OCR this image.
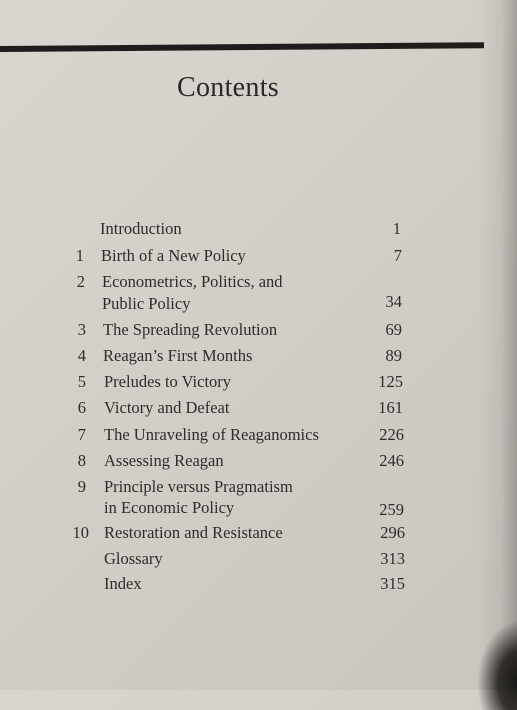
Contents
Introduction	1
1 Birth of a New Policy	7
2 Econometrics, Politics, and
Public Policy	34
3 The Spreading Revolution	69
4 Reagan’s First Months	89
5 Preludes to Victory	125
6 Victory and Defeat	161
7 The Unraveling of Reaganomics	226
8 Assessing Reagan	246
9 Principle versus Pragmatism
in Economic Policy	259
10 Restoration and Resistance	296
Glossary	313
Index	315
